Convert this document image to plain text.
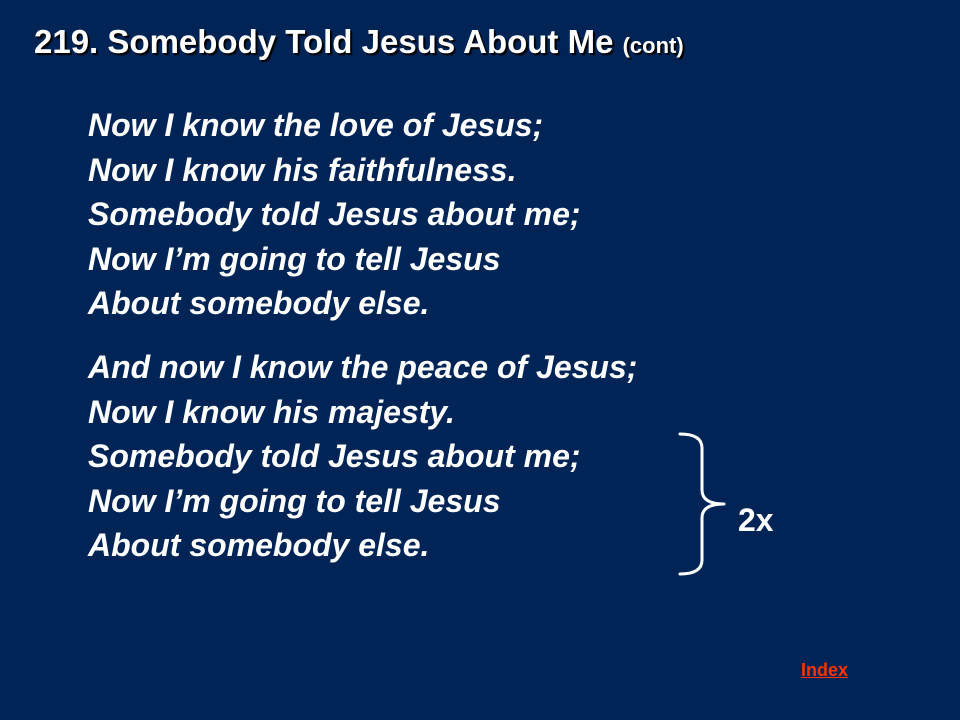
219. Somebody Told Jesus About Me (cont)
Now I know the love of Jesus;
Now I know his faithfulness.
Somebody told Jesus about me;
Now I’m going to tell Jesus
About somebody else.
And now I know the peace of Jesus;
Now I know his majesty.
Somebody told Jesus about me;
Now I’m going to tell Jesus
About somebody else.
2x
Index
